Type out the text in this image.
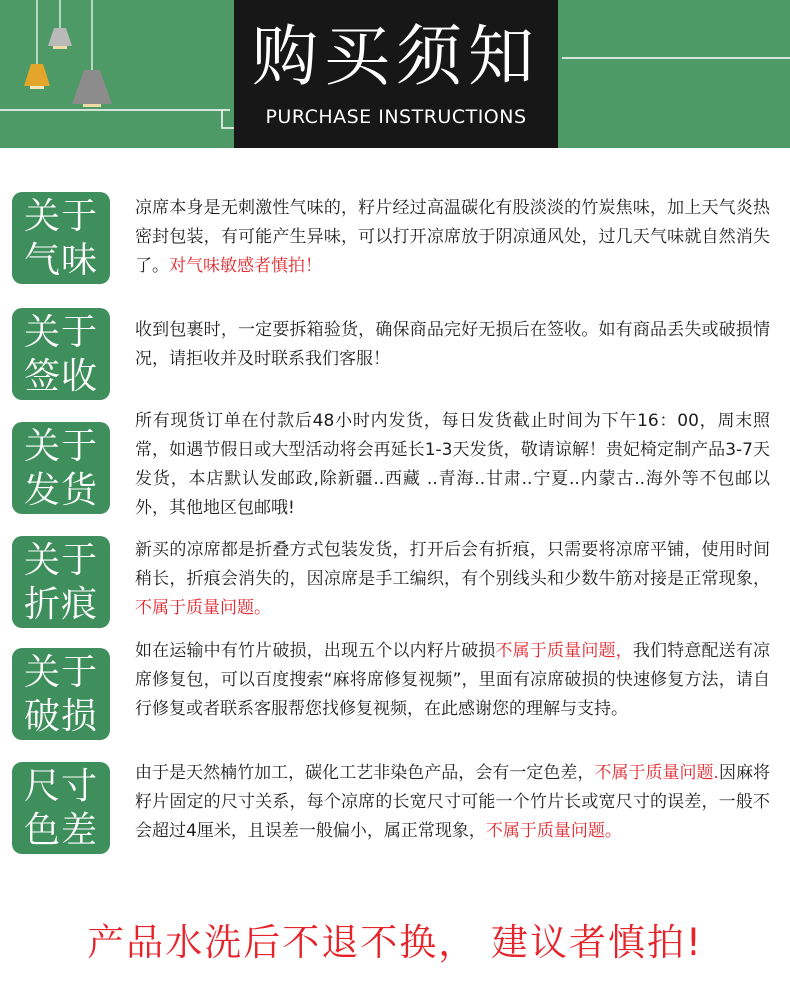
购买须知
PURCHASE INSTRUCTIONS
关于
气味

凉席本身是无刺激性气味的，籽片经过高温碳化有股淡淡的竹炭焦味，加上天气炎热密封包装，有可能产生异味，可以打开凉席放于阴凉通风处，过几天气味就自然消失了。对气味敏感者慎拍！

关于
签收

收到包裹时，一定要拆箱验货，确保商品完好无损后在签收。如有商品丢失或破损情况，请拒收并及时联系我们客服！

关于
发货

所有现货订单在付款后48小时内发货，每日发货截止时间为下午16：00，周末照常，如遇节假日或大型活动将会再延长1-3天发货，敬请谅解！贵妃椅定制产品3-7天发货，本店默认发邮政,除新疆..西藏 ..青海..甘肃..宁夏..内蒙古..海外等不包邮以外，其他地区包邮哦!

关于
折痕

新买的凉席都是折叠方式包装发货，打开后会有折痕，只需要将凉席平铺，使用时间稍长，折痕会消失的，因凉席是手工编织，有个别线头和少数牛筋对接是正常现象，不属于质量问题。

关于
破损

如在运输中有竹片破损，出现五个以内籽片破损不属于质量问题，我们特意配送有凉席修复包，可以百度搜索“麻将席修复视频”，里面有凉席破损的快速修复方法，请自行修复或者联系客服帮您找修复视频，在此感谢您的理解与支持。

尺寸
色差

由于是天然楠竹加工，碳化工艺非染色产品，会有一定色差，不属于质量问题.因麻将籽片固定的尺寸关系，每个凉席的长宽尺寸可能一个竹片长或宽尺寸的误差，一般不会超过4厘米，且误差一般偏小，属正常现象，不属于质量问题。

产品水洗后不退不换， 建议者慎拍!
